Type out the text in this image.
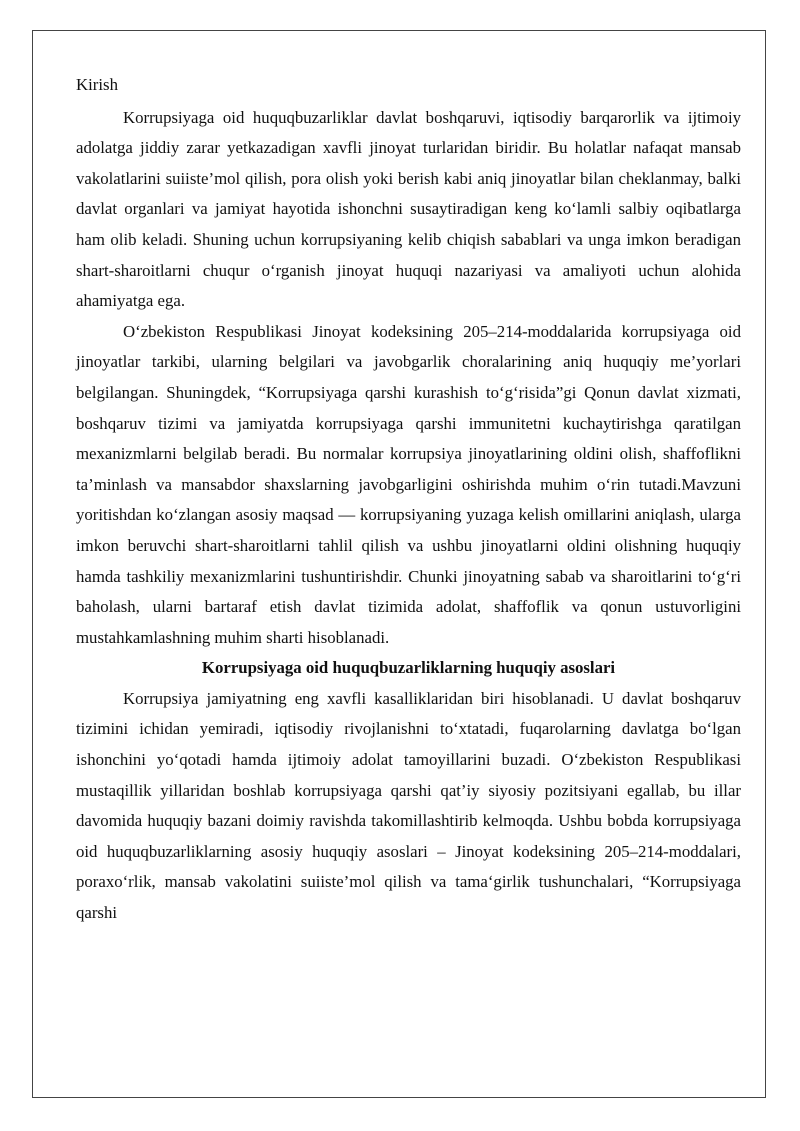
Kirish

Korrupsiyaga oid huquqbuzarliklar davlat boshqaruvi, iqtisodiy barqarorlik va ijtimoiy adolatga jiddiy zarar yetkazadigan xavfli jinoyat turlaridan biridir. Bu holatlar nafaqat mansab vakolatlarini suiiste’mol qilish, pora olish yoki berish kabi aniq jinoyatlar bilan cheklanmay, balki davlat organlari va jamiyat hayotida ishonchni susaytiradigan keng ko‘lamli salbiy oqibatlarga ham olib keladi. Shuning uchun korrupsiyaning kelib chiqish sabablari va unga imkon beradigan shart-sharoitlarni chuqur o‘rganish jinoyat huquqi nazariyasi va amaliyoti uchun alohida ahamiyatga ega.

O‘zbekiston Respublikasi Jinoyat kodeksining 205–214-moddalarida korrupsiyaga oid jinoyatlar tarkibi, ularning belgilari va javobgarlik choralarining aniq huquqiy me’yorlari belgilangan. Shuningdek, “Korrupsiyaga qarshi kurashish to‘g‘risida”gi Qonun davlat xizmati, boshqaruv tizimi va jamiyatda korrupsiyaga qarshi immunitetni kuchaytirishga qaratilgan mexanizmlarni belgilab beradi. Bu normalar korrupsiya jinoyatlarining oldini olish, shaffoflikni ta’minlash va mansabdor shaxslarning javobgarligini oshirishda muhim o‘rin tutadi.Mavzuni yoritishdan ko‘zlangan asosiy maqsad — korrupsiyaning yuzaga kelish omillarini aniqlash, ularga imkon beruvchi shart-sharoitlarni tahlil qilish va ushbu jinoyatlarni oldini olishning huquqiy hamda tashkiliy mexanizmlarini tushuntirishdir. Chunki jinoyatning sabab va sharoitlarini to‘g‘ri baholash, ularni bartaraf etish davlat tizimida adolat, shaffoflik va qonun ustuvorligini mustahkamlashning muhim sharti hisoblanadi.

Korrupsiyaga oid huquqbuzarliklarning huquqiy asoslari

Korrupsiya jamiyatning eng xavfli kasalliklaridan biri hisoblanadi. U davlat boshqaruv tizimini ichidan yemiradi, iqtisodiy rivojlanishni to‘xtatadi, fuqarolarning davlatga bo‘lgan ishonchini yo‘qotadi hamda ijtimoiy adolat tamoyillarini buzadi. O‘zbekiston Respublikasi mustaqillik yillaridan boshlab korrupsiyaga qarshi qat’iy siyosiy pozitsiyani egallab, bu illar davomida huquqiy bazani doimiy ravishda takomillashtirib kelmoqda. Ushbu bobda korrupsiyaga oid huquqbuzarliklarning asosiy huquqiy asoslari – Jinoyat kodeksining 205–214-moddalari, poraxo‘rlik, mansab vakolatini suiiste’mol qilish va tama‘girlik tushunchalari, “Korrupsiyaga qarshi
